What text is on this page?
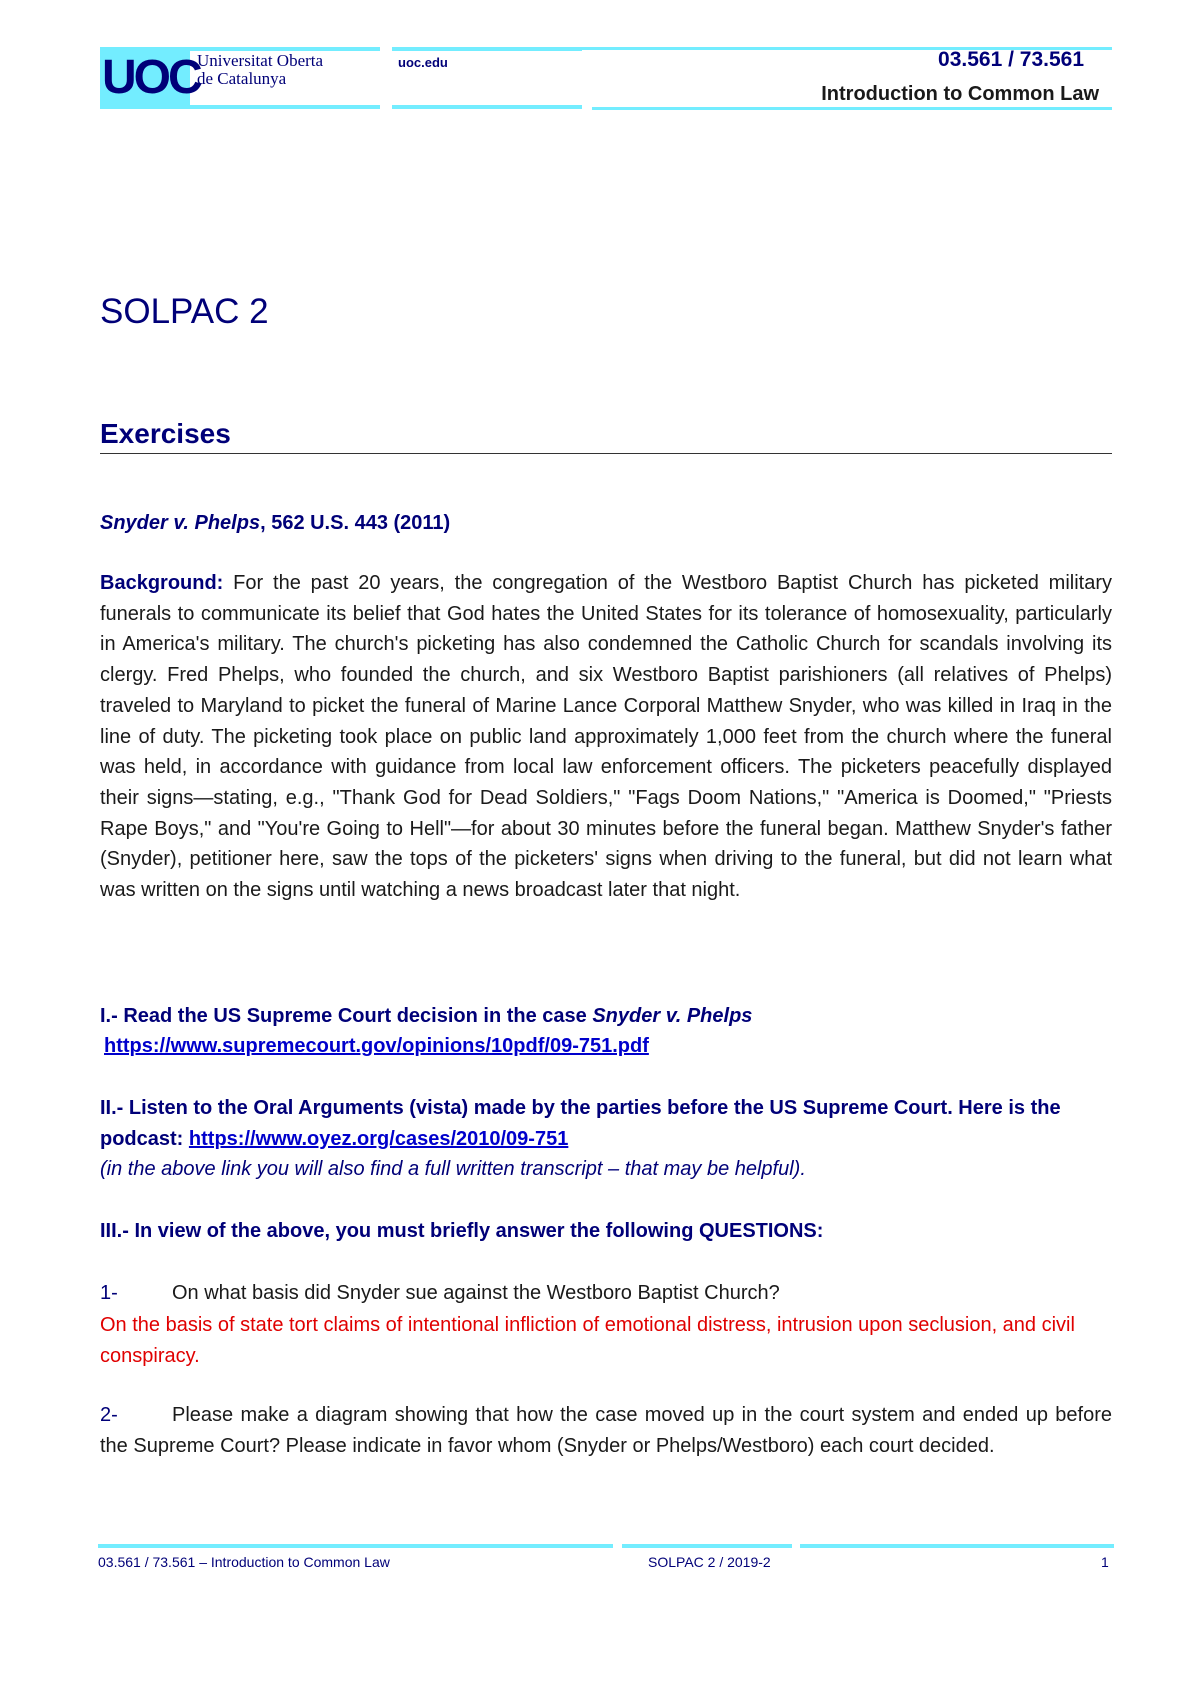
UOC
Universitat Oberta
de Catalunya
uoc.edu	03.561 / 73.561
Introduction to Common Law
SOLPAC 2
Exercises
Snyder v. Phelps, 562 U.S. 443 (2011)
Background: For the past 20 years, the congregation of the Westboro Baptist Church has picketed military funerals to communicate its belief that God hates the United States for its tolerance of homosexuality, particularly in America's military. The church's picketing has also condemned the Catholic Church for scandals involving its clergy. Fred Phelps, who founded the church, and six Westboro Baptist parishioners (all relatives of Phelps) traveled to Maryland to picket the funeral of Marine Lance Corporal Matthew Snyder, who was killed in Iraq in the line of duty. The picketing took place on public land approximately 1,000 feet from the church where the funeral was held, in accordance with guidance from local law enforcement officers. The picketers peacefully displayed their signs—stating, e.g., "Thank God for Dead Soldiers," "Fags Doom Nations," "America is Doomed," "Priests Rape Boys," and "You're Going to Hell"—for about 30 minutes before the funeral began. Matthew Snyder's father (Snyder), petitioner here, saw the tops of the picketers' signs when driving to the funeral, but did not learn what was written on the signs until watching a news broadcast later that night.
I.- Read the US Supreme Court decision in the case Snyder v. Phelps
https://www.supremecourt.gov/opinions/10pdf/09-751.pdf
II.- Listen to the Oral Arguments (vista) made by the parties before the US Supreme Court. Here is the podcast: https://www.oyez.org/cases/2010/09-751
(in the above link you will also find a full written transcript – that may be helpful).
III.- In view of the above, you must briefly answer the following QUESTIONS:
1-	On what basis did Snyder sue against the Westboro Baptist Church?
On the basis of state tort claims of intentional infliction of emotional distress, intrusion upon seclusion, and civil conspiracy.
2-	Please make a diagram showing that how the case moved up in the court system and ended up before the Supreme Court? Please indicate in favor whom (Snyder or Phelps/Westboro) each court decided.
03.561 / 73.561 – Introduction to Common Law	SOLPAC 2 / 2019-2	1
